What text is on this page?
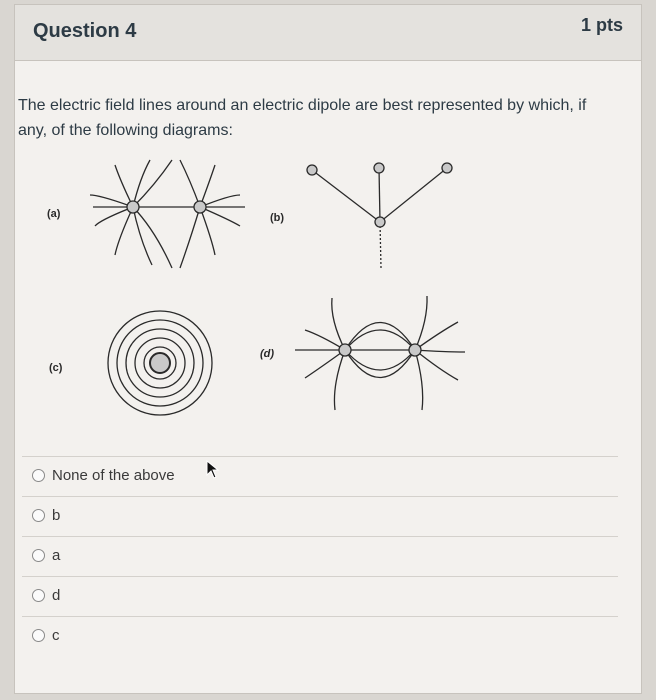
Question 4	1 pts
The electric field lines around an electric dipole are best represented by which, if any, of the following diagrams:
(a)	(b)
(c)
(d)
None of the above
b
a
d
c
